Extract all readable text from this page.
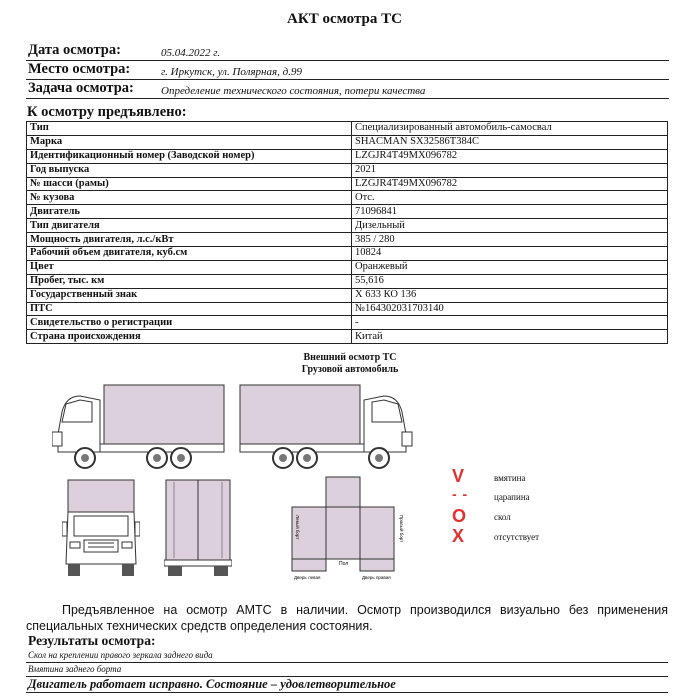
АКТ осмотра ТС
Дата осмотра:	05.04.2022 г.
Место осмотра:	г. Иркутск, ул. Полярная, д.99
Задача осмотра: Определение технического состояния, потери качества
К осмотру предъявлено:
Тип	Специализированный автомобиль-самосвал
Марка	SHACMAN SX32586T384C
Идентификационный номер (Заводской номер)	LZGJR4T49MX096782
Год выпуска	2021
№ шасси (рамы)	LZGJR4T49MX096782
№ кузова	Отс.
Двигатель	71096841
Тип двигателя	Дизельный
Мощность двигателя, л.с./кВт	385 / 280
Рабочий объем двигателя, куб.см	10824
Цвет	Оранжевый
Пробег, тыс. км	55,616
Государственный знак	Х 633 КО 136
ПТС	№164302031703140
Свидетельство о регистрации	-
Страна происхождения	Китай
Внешний осмотр ТС
Грузовой автомобиль
Левый борт	Правый борт
Пол
Дверь левая	Дверь правая
V	вмятина
- -	царапина
O	скол
X	отсутствует
Предъявленное на осмотр АМТС в наличии. Осмотр производился визуально без применения специальных технических средств определения состояния.
Результаты осмотра:
Скол на креплении правого зеркала заднего вида
Вмятина заднего борта
Двигатель работает исправно. Состояние – удовлетворительное
